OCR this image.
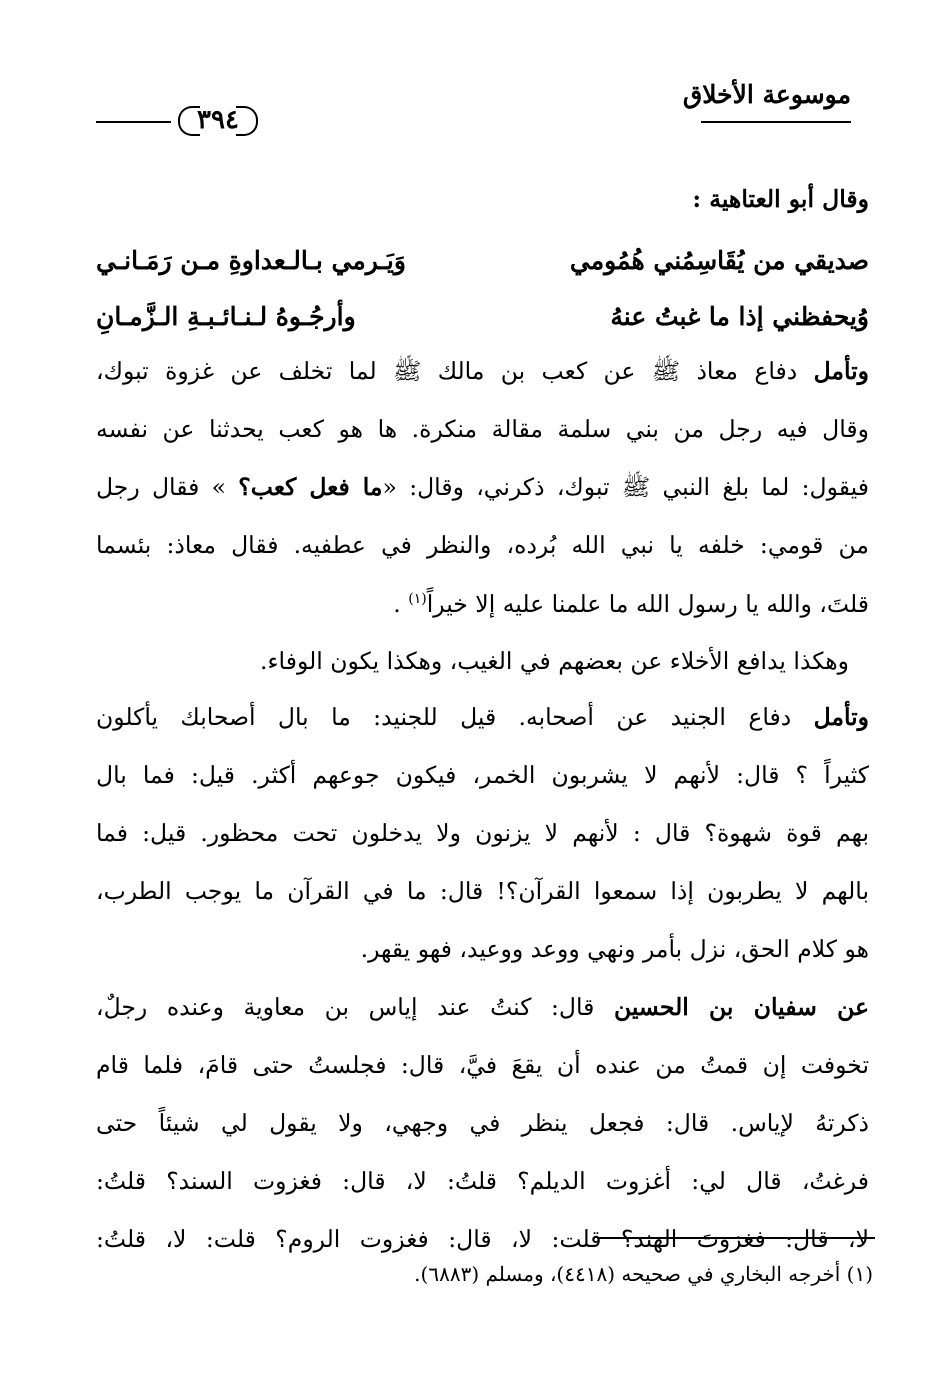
موسوعة الأخلاق
٣٩٤
وقال أبو العتاهية :
صديقي من يُقَاسِمُني هُمُومي
وَيَـرمي بـالـعداوةِ مـن رَمَـانـي
وُيحفظني إذا ما غبتُ عنهُ
وأرجُـوهُ لـنـائـبـةِ الـزَّمـانِ
وتأمل دفاع معاذ ﷺ عن كعب بن مالك ﷺ لما تخلف عن غزوة تبوك،
وقال فيه رجل من بني سلمة مقالة منكرة. ها هو كعب يحدثنا عن نفسه
فيقول: لما بلغ النبي ﷺ تبوك، ذكرني، وقال: «ما فعل كعب؟ » فقال رجل
من قومي: خلفه يا نبي الله بُرده، والنظر في عطفيه. فقال معاذ: بئسما
قلتَ، والله يا رسول الله ما علمنا عليه إلا خيراً$^{(١)}$ .
وهكذا يدافع الأخلاء عن بعضهم في الغيب، وهكذا يكون الوفاء.
وتأمل دفاع الجنيد عن أصحابه. قيل للجنيد: ما بال أصحابك يأكلون
كثيراً ؟ قال: لأنهم لا يشربون الخمر، فيكون جوعهم أكثر. قيل: فما بال
بهم قوة شهوة؟ قال : لأنهم لا يزنون ولا يدخلون تحت محظور. قيل: فما
بالهم لا يطربون إذا سمعوا القرآن؟! قال: ما في القرآن ما يوجب الطرب،
هو كلام الحق، نزل بأمر ونهي ووعد ووعيد، فهو يقهر.
عن سفيان بن الحسين قال: كنتُ عند إياس بن معاوية وعنده رجلٌ،
تخوفت إن قمتُ من عنده أن يقعَ فيَّ، قال: فجلستُ حتى قامَ، فلما قام
ذكرتهُ لإياس. قال: فجعل ينظر في وجهي، ولا يقول لي شيئاً حتى
فرغتُ، قال لي: أغزوت الديلم؟ قلتُ: لا، قال: فغزوت السند؟ قلتُ:
لا، قال: فغزوتَ الهند؟ قلت: لا، قال: فغزوت الروم؟ قلت: لا، قلتُ:
(١) أخرجه البخاري في صحيحه (٤٤١٨)، ومسلم (٦٨٨٣).
